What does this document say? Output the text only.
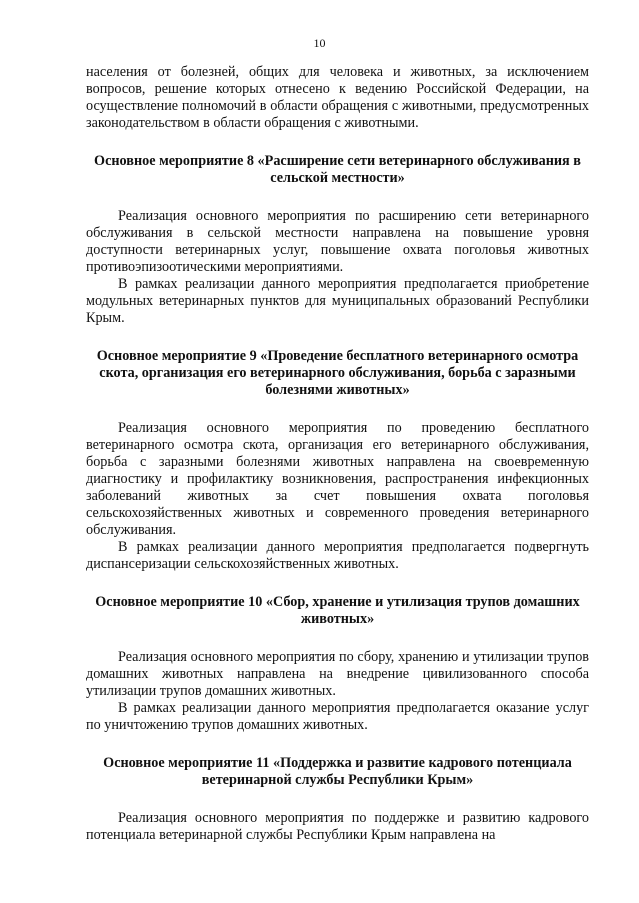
10

населения от болезней, общих для человека и животных, за исключением вопросов, решение которых отнесено к ведению Российской Федерации, на осуществление полномочий в области обращения с животными, предусмотренных законодательством в области обращения с животными.

Основное мероприятие 8 «Расширение сети ветеринарного обслуживания в сельской местности»

Реализация основного мероприятия по расширению сети ветеринарного обслуживания в сельской местности направлена на повышение уровня доступности ветеринарных услуг, повышение охвата поголовья животных противоэпизоотическими мероприятиями.

В рамках реализации данного мероприятия предполагается приобретение модульных ветеринарных пунктов для муниципальных образований Республики Крым.

Основное мероприятие 9 «Проведение бесплатного ветеринарного осмотра скота, организация его ветеринарного обслуживания, борьба с заразными болезнями животных»

Реализация основного мероприятия по проведению бесплатного ветеринарного осмотра скота, организация его ветеринарного обслуживания, борьба с заразными болезнями животных направлена на своевременную диагностику и профилактику возникновения, распространения инфекционных заболеваний животных за счет повышения охвата поголовья сельскохозяйственных животных и современного проведения ветеринарного обслуживания.

В рамках реализации данного мероприятия предполагается подвергнуть диспансеризации сельскохозяйственных животных.

Основное мероприятие 10 «Сбор, хранение и утилизация трупов домашних животных»

Реализация основного мероприятия по сбору, хранению и утилизации трупов домашних животных направлена на внедрение цивилизованного способа утилизации трупов домашних животных.

В рамках реализации данного мероприятия предполагается оказание услуг по уничтожению трупов домашних животных.

Основное мероприятие 11 «Поддержка и развитие кадрового потенциала ветеринарной службы Республики Крым»

Реализация основного мероприятия по поддержке и развитию кадрового потенциала ветеринарной службы Республики Крым направлена на
